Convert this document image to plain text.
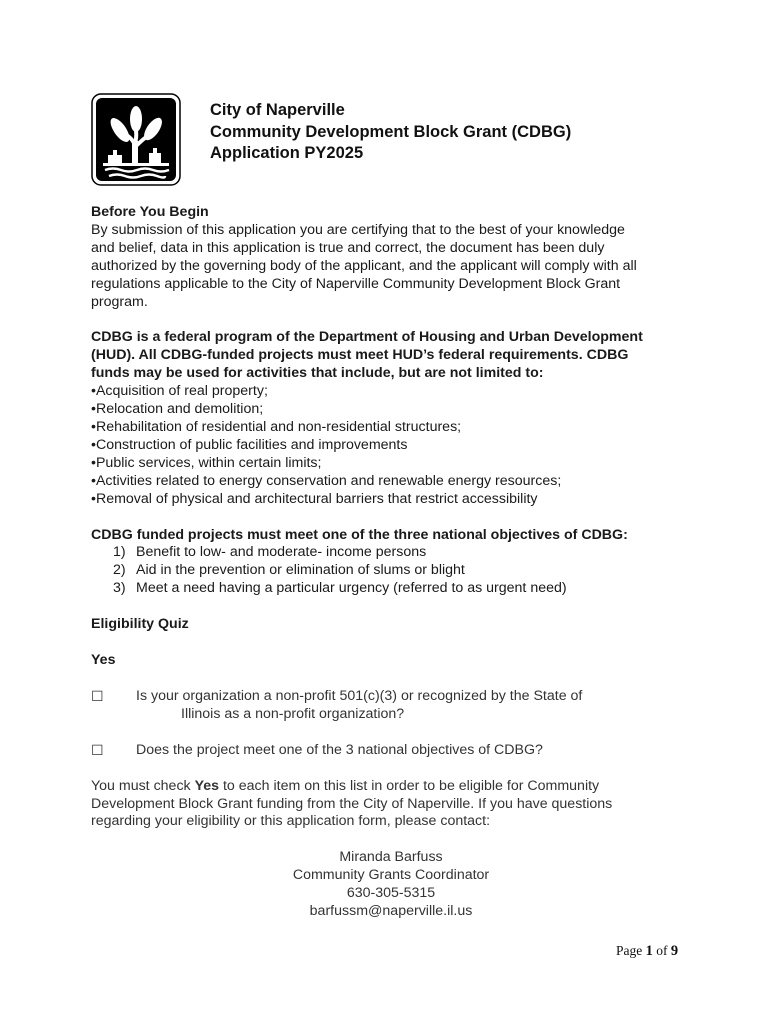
City of Naperville
Community Development Block Grant (CDBG)
Application PY2025

Before You Begin

By submission of this application you are certifying that to the best of your knowledge

and belief, data in this application is true and correct, the document has been duly

authorized by the governing body of the applicant, and the applicant will comply with all

regulations applicable to the City of Naperville Community Development Block Grant

program.

CDBG is a federal program of the Department of Housing and Urban Development

(HUD). All CDBG-funded projects must meet HUD’s federal requirements. CDBG

funds may be used for activities that include, but are not limited to:

•Acquisition of real property;

•Relocation and demolition;

•Rehabilitation of residential and non-residential structures;

•Construction of public facilities and improvements

•Public services, within certain limits;

•Activities related to energy conservation and renewable energy resources;

•Removal of physical and architectural barriers that restrict accessibility

CDBG funded projects must meet one of the three national objectives of CDBG:

1) Benefit to low- and moderate- income persons
2) Aid in the prevention or elimination of slums or blight
3) Meet a need having a particular urgency (referred to as urgent need)

Eligibility Quiz

Yes

☐ Is your organization a non-profit 501(c)(3) or recognized by the State of
Illinois as a non-profit organization?
☐ Does the project meet one of the 3 national objectives of CDBG?

You must check Yes to each item on this list in order to be eligible for Community

Development Block Grant funding from the City of Naperville. If you have questions

regarding your eligibility or this application form, please contact:

Miranda Barfuss

Community Grants Coordinator

630-305-5315

barfussm@naperville.il.us

Page 1 of 9
